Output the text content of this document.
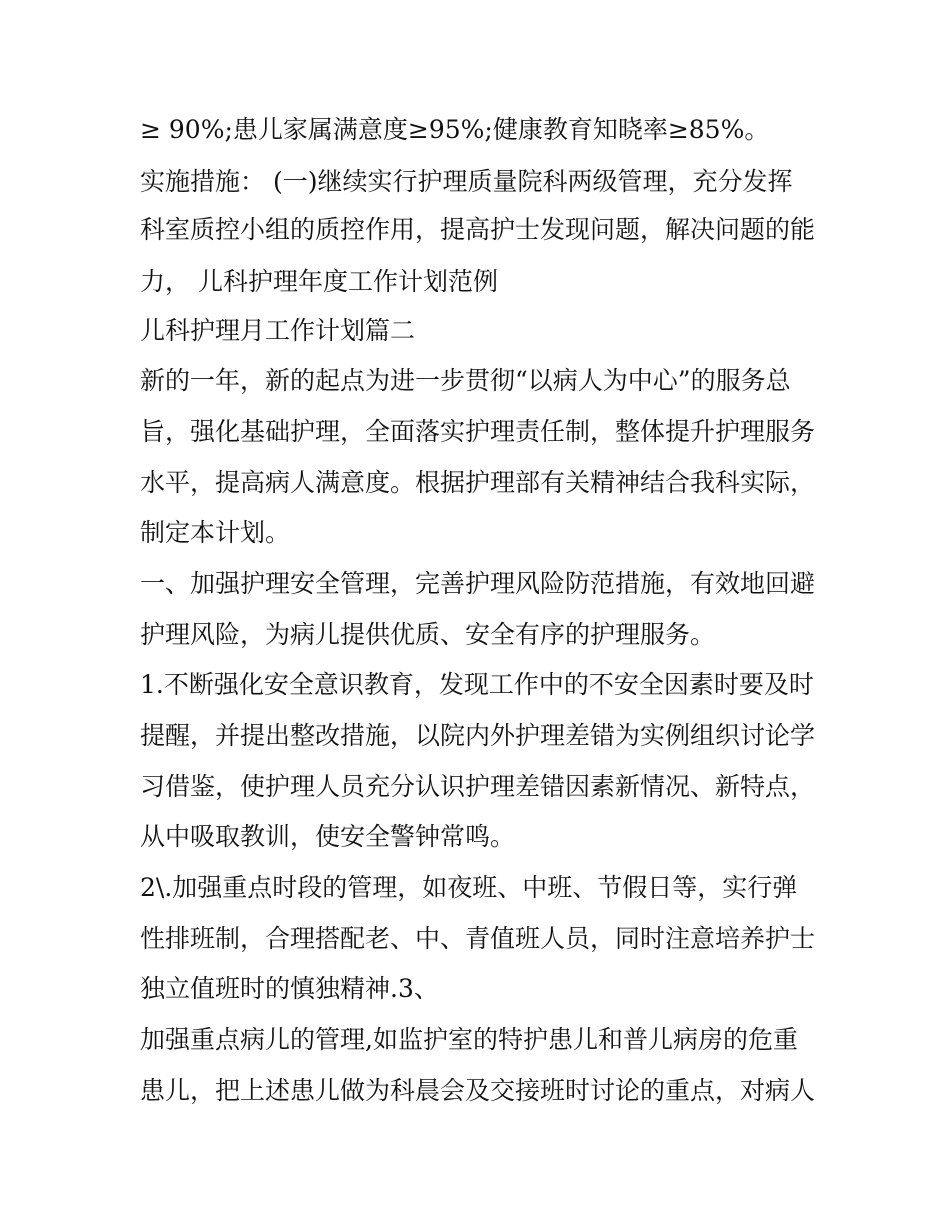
≥ 90%;患儿家属满意度≥95%;健康教育知晓率≥85%。
实施措施： (一)继续实行护理质量院科两级管理，充分发挥
科室质控小组的质控作用，提高护士发现问题，解决问题的能
力， 儿科护理年度工作计划范例
儿科护理月工作计划篇二
新的一年，新的起点为进一步贯彻“以病人为中心”的服务总
旨，强化基础护理，全面落实护理责任制，整体提升护理服务
水平，提高病人满意度。根据护理部有关精神结合我科实际，
制定本计划。
一、加强护理安全管理，完善护理风险防范措施，有效地回避
护理风险，为病儿提供优质、安全有序的护理服务。
1.不断强化安全意识教育，发现工作中的不安全因素时要及时
提醒，并提出整改措施，以院内外护理差错为实例组织讨论学
习借鉴，使护理人员充分认识护理差错因素新情况、新特点，
从中吸取教训，使安全警钟常鸣。
2\.加强重点时段的管理，如夜班、中班、节假日等，实行弹
性排班制，合理搭配老、中、青值班人员，同时注意培养护士
独立值班时的慎独精神.3、
加强重点病儿的管理,如监护室的特护患儿和普儿病房的危重
患儿，把上述患儿做为科晨会及交接班时讨论的重点，对病人
